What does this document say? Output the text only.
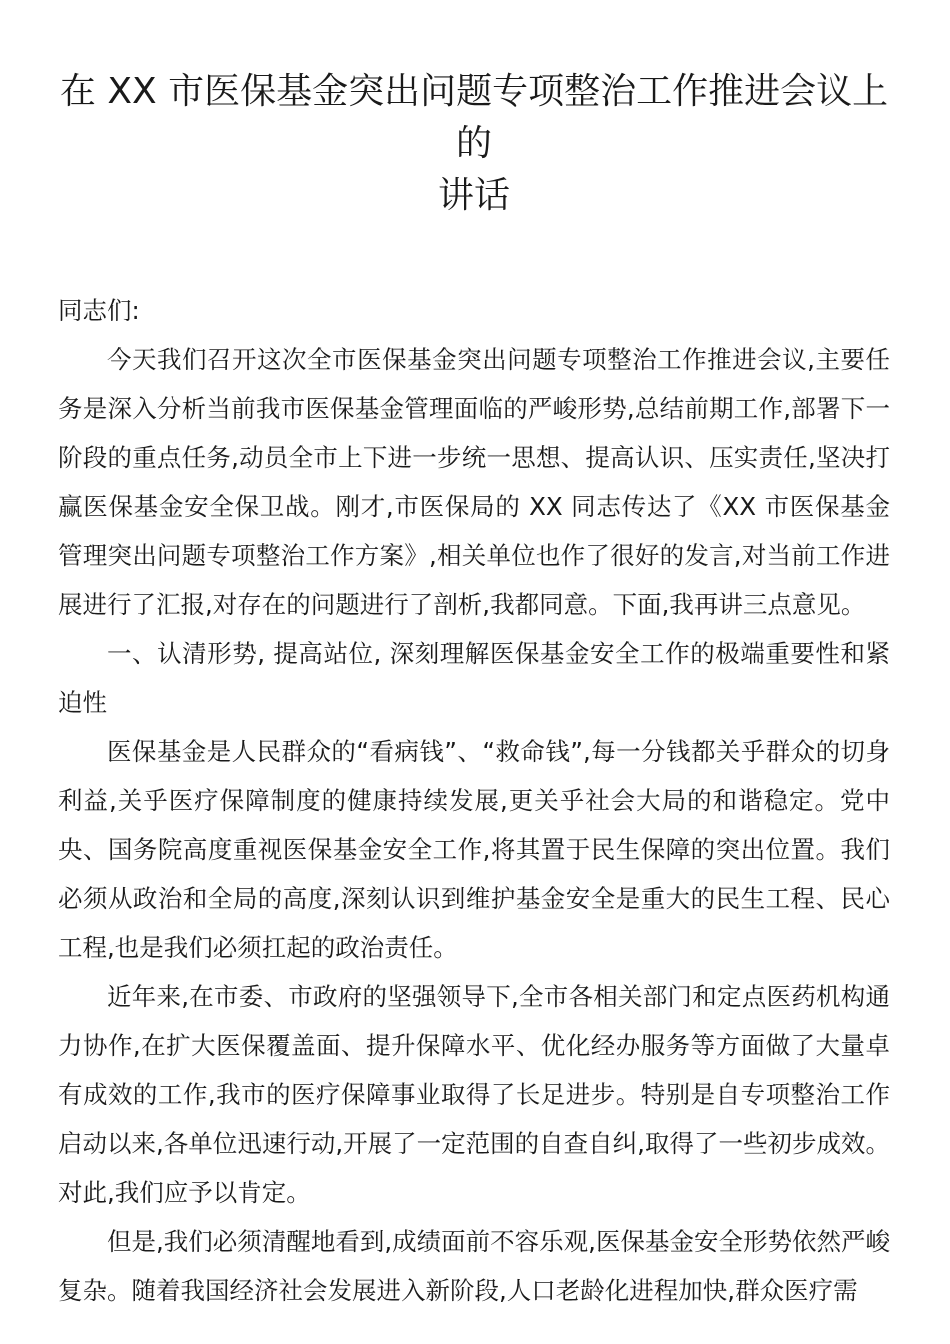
在 XX 市医保基金突出问题专项整治工作推进会议上的
讲话

同志们:

今天我们召开这次全市医保基金突出问题专项整治工作推进会议,主要任务是深入分析当前我市医保基金管理面临的严峻形势,总结前期工作,部署下一阶段的重点任务,动员全市上下进一步统一思想、提高认识、压实责任,坚决打赢医保基金安全保卫战。刚才,市医保局的 XX 同志传达了《XX 市医保基金管理突出问题专项整治工作方案》,相关单位也作了很好的发言,对当前工作进展进行了汇报,对存在的问题进行了剖析,我都同意。下面,我再讲三点意见。

一、认清形势, 提高站位, 深刻理解医保基金安全工作的极端重要性和紧迫性

医保基金是人民群众的“看病钱”、“救命钱”,每一分钱都关乎群众的切身利益,关乎医疗保障制度的健康持续发展,更关乎社会大局的和谐稳定。党中央、国务院高度重视医保基金安全工作,将其置于民生保障的突出位置。我们必须从政治和全局的高度,深刻认识到维护基金安全是重大的民生工程、民心工程,也是我们必须扛起的政治责任。

近年来,在市委、市政府的坚强领导下,全市各相关部门和定点医药机构通力协作,在扩大医保覆盖面、提升保障水平、优化经办服务等方面做了大量卓有成效的工作,我市的医疗保障事业取得了长足进步。特别是自专项整治工作启动以来,各单位迅速行动,开展了一定范围的自查自纠,取得了一些初步成效。对此,我们应予以肯定。

但是,我们必须清醒地看到,成绩面前不容乐观,医保基金安全形势依然严峻复杂。随着我国经济社会发展进入新阶段,人口老龄化进程加快,群众医疗需
